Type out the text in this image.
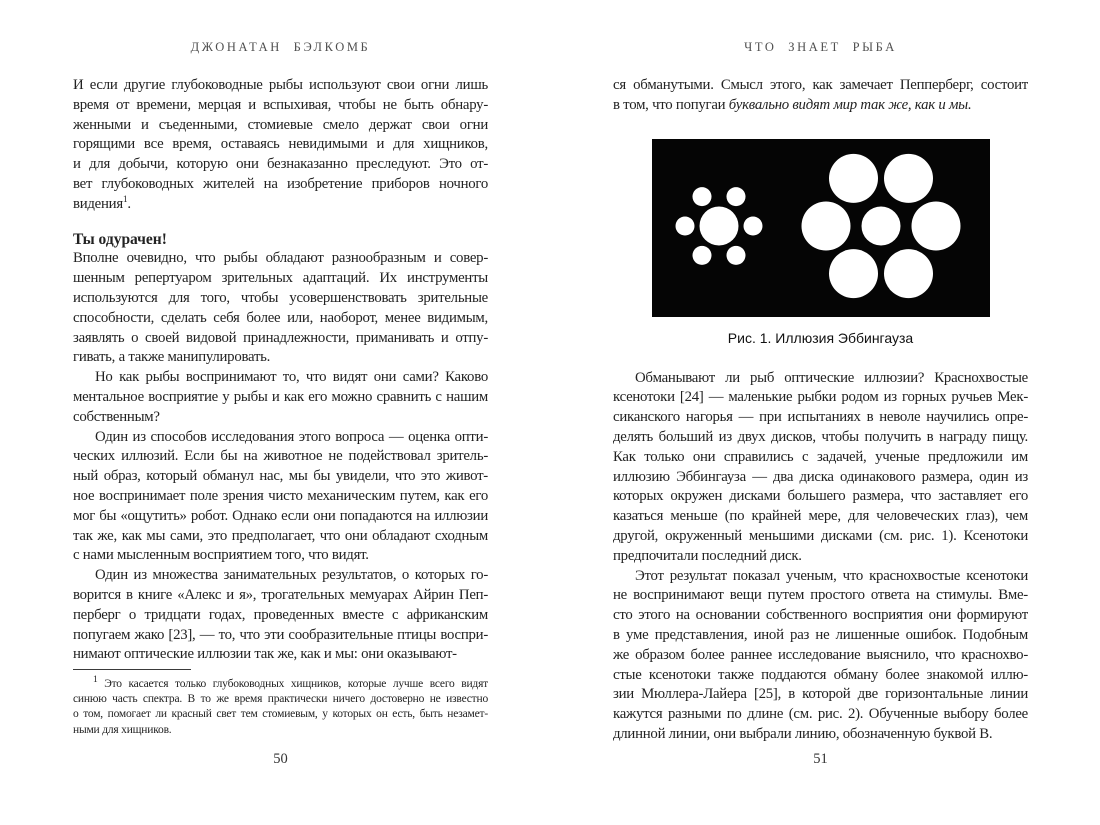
ДЖОНАТАН БЭЛКОМБ
И если другие глубоководные рыбы используют свои огни лишь
время от времени, мерцая и вспыхивая, чтобы не быть обнару-
женными и съеденными, стомиевые смело держат свои огни
горящими все время, оставаясь невидимыми и для хищников,
и для добычи, которую они безнаказанно преследуют. Это от-
вет глубоководных жителей на изобретение приборов ночного
видения$^1$.
Ты одурачен!
Вполне очевидно, что рыбы обладают разнообразным и совер-
шенным репертуаром зрительных адаптаций. Их инструменты
используются для того, чтобы усовершенствовать зрительные
способности, сделать себя более или, наоборот, менее видимым,
заявлять о своей видовой принадлежности, приманивать и отпу-
гивать, а также манипулировать.
Но как рыбы воспринимают то, что видят они сами? Каково
ментальное восприятие у рыбы и как его можно сравнить с нашим
собственным?
Один из способов исследования этого вопроса — оценка опти-
ческих иллюзий. Если бы на животное не подействовал зритель-
ный образ, который обманул нас, мы бы увидели, что это живот-
ное воспринимает поле зрения чисто механическим путем, как его
мог бы «ощутить» робот. Однако если они попадаются на иллюзии
так же, как мы сами, это предполагает, что они обладают сходным
с нами мысленным восприятием того, что видят.
Один из множества занимательных результатов, о которых го-
ворится в книге «Алекс и я», трогательных мемуарах Айрин Пеп-
перберг о тридцати годах, проведенных вместе с африканским
попугаем жако [23], — то, что эти сообразительные птицы воспри-
нимают оптические иллюзии так же, как и мы: они оказывают-
$^1$ Это касается только глубоководных хищников, которые лучше всего видят
синюю часть спектра. В то же время практически ничего достоверно не известно
о том, помогает ли красный свет тем стомиевым, у которых он есть, быть незамет-
ными для хищников.
50
ЧТО ЗНАЕТ РЫБА
ся обманутыми. Смысл этого, как замечает Пепперберг, состоит
в том, что попугаи буквально видят мир так же, как и мы.
Рис. 1. Иллюзия Эббингауза
Обманывают ли рыб оптические иллюзии? Краснохвостые
ксенотоки [24] — маленькие рыбки родом из горных ручьев Мек-
сиканского нагорья — при испытаниях в неволе научились опре-
делять больший из двух дисков, чтобы получить в награду пищу.
Как только они справились с задачей, ученые предложили им
иллюзию Эббингауза — два диска одинакового размера, один из
которых окружен дисками большего размера, что заставляет его
казаться меньше (по крайней мере, для человеческих глаз), чем
другой, окруженный меньшими дисками (см. рис. 1). Ксенотоки
предпочитали последний диск.
Этот результат показал ученым, что краснохвостые ксенотоки
не воспринимают вещи путем простого ответа на стимулы. Вме-
сто этого на основании собственного восприятия они формируют
в уме представления, иной раз не лишенные ошибок. Подобным
же образом более раннее исследование выяснило, что краснохво-
стые ксенотоки также поддаются обману более знакомой иллю-
зии Мюллера-Лайера [25], в которой две горизонтальные линии
кажутся разными по длине (см. рис. 2). Обученные выбору более
длинной линии, они выбрали линию, обозначенную буквой В.
51
